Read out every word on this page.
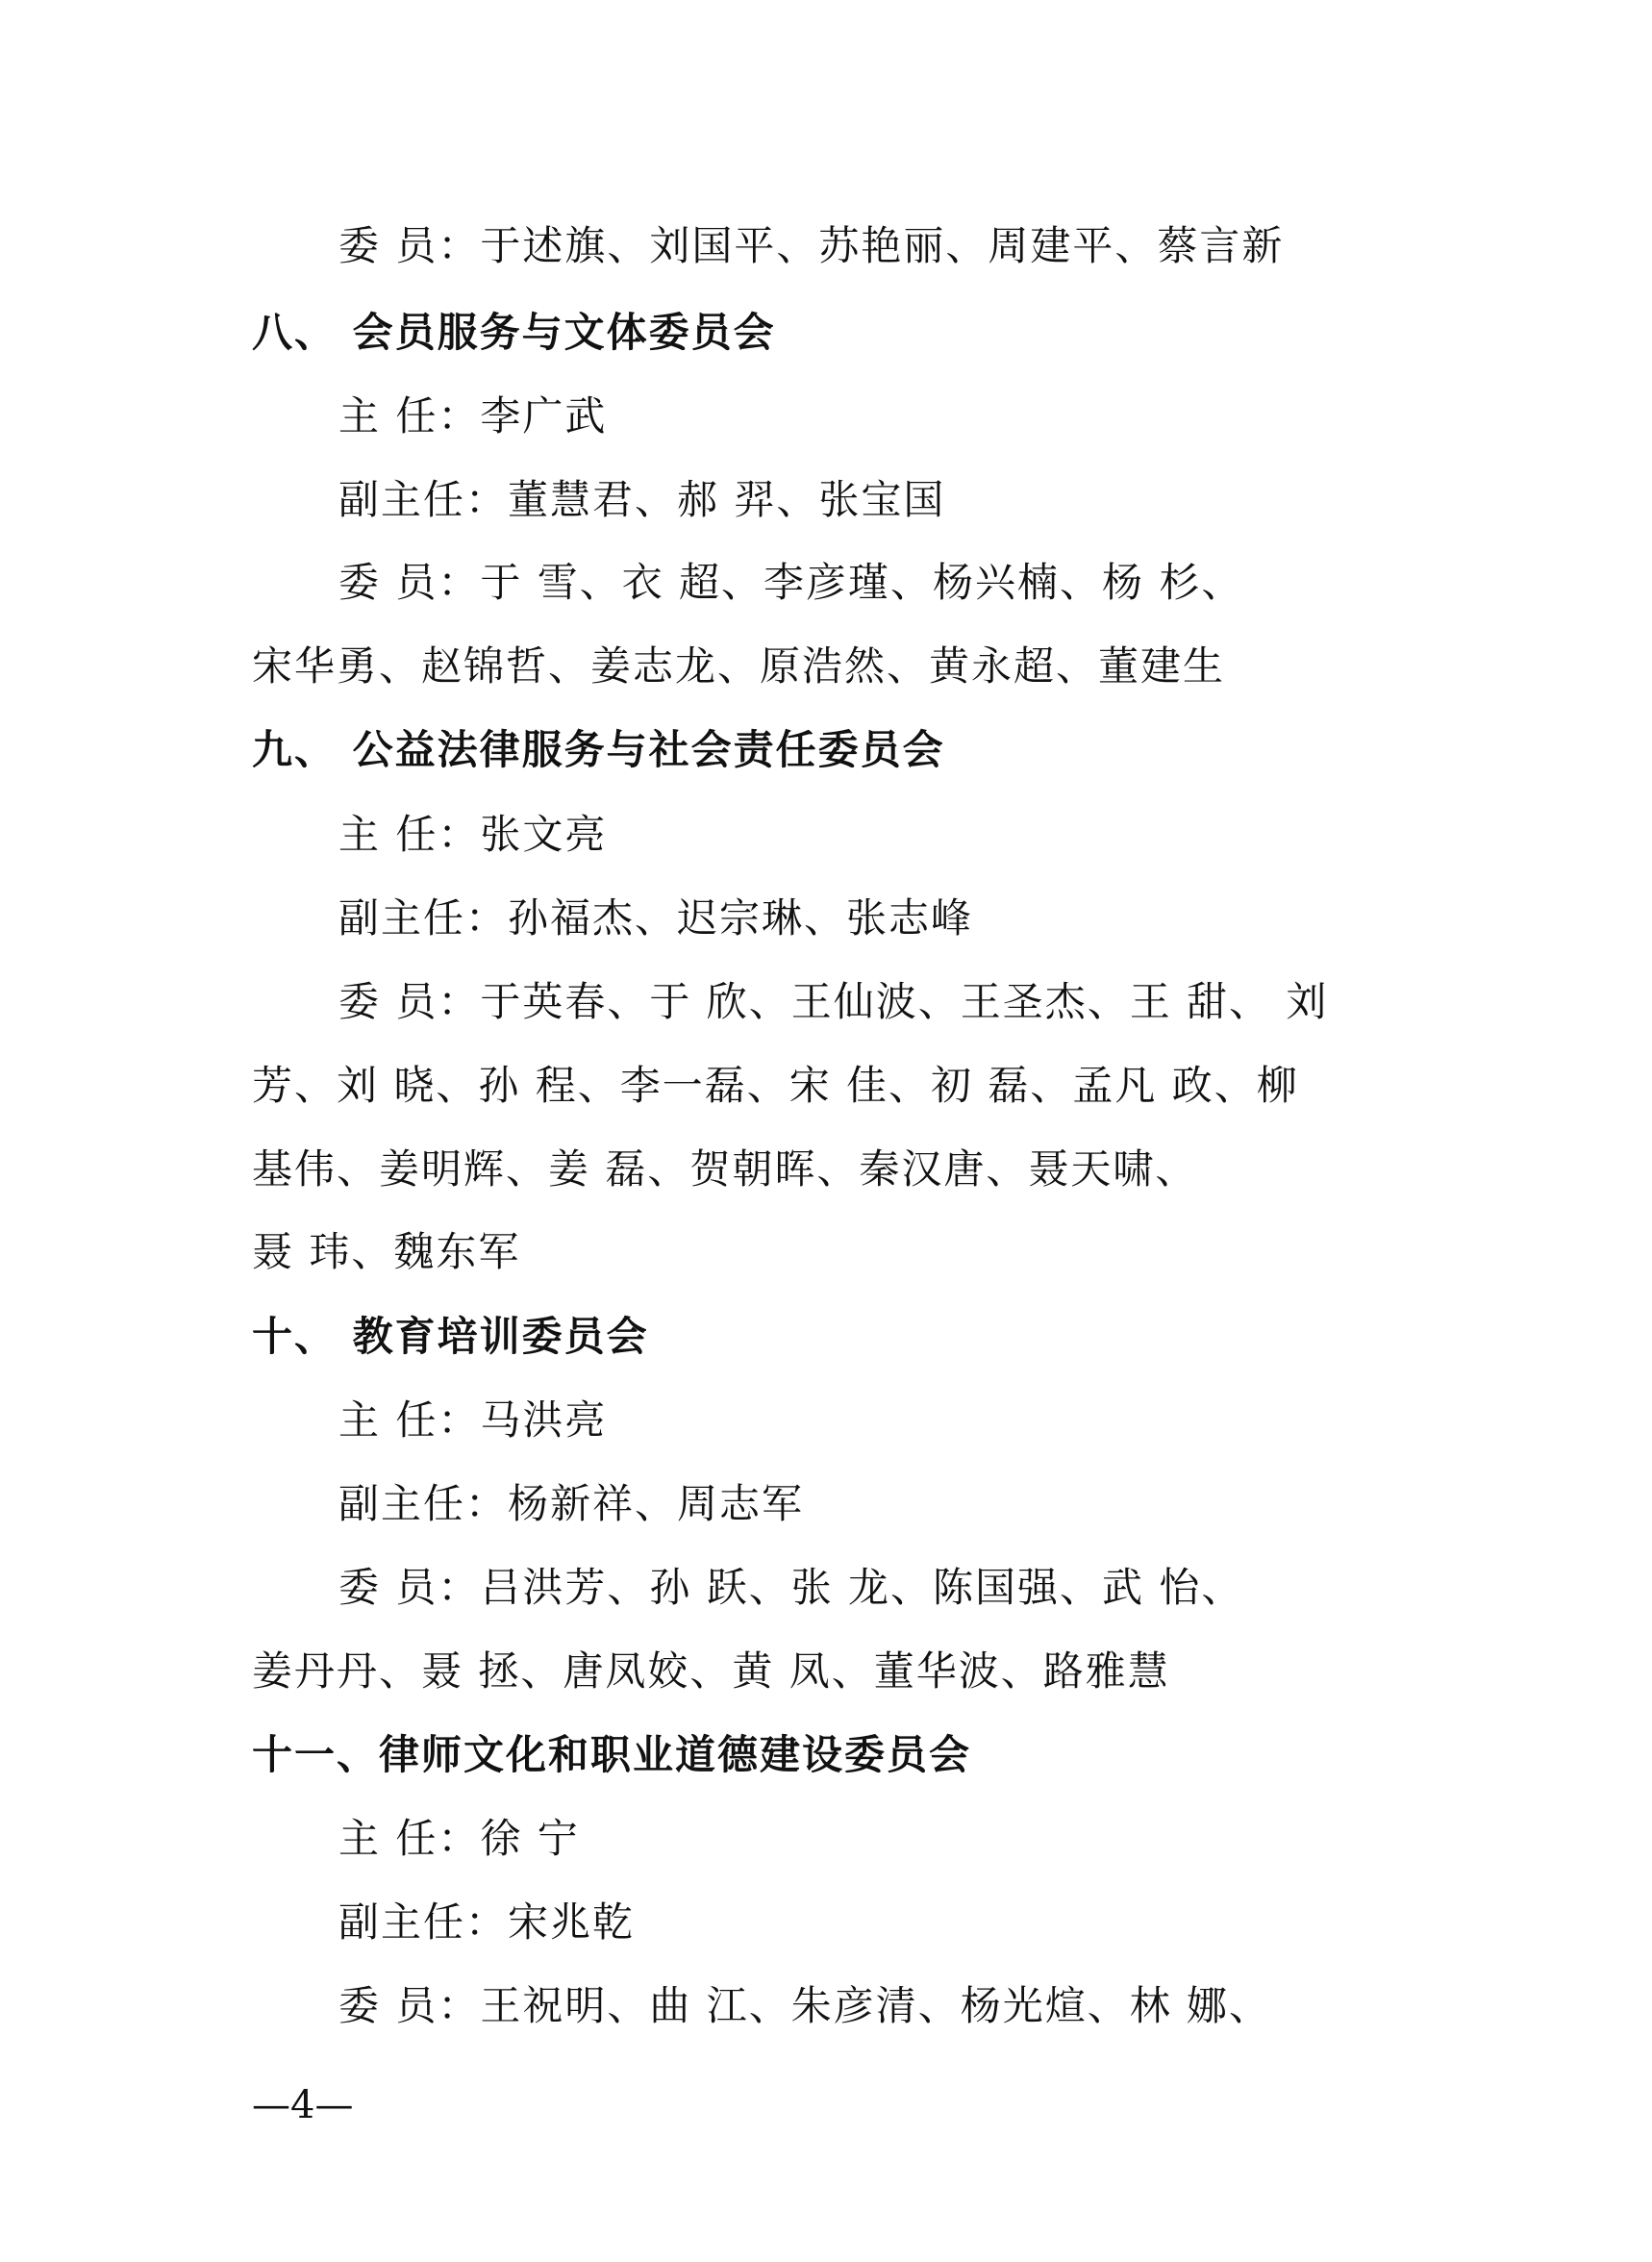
委 员：于述旗、刘国平、苏艳丽、周建平、蔡言新
八、 会员服务与文体委员会
主 任：李广武
副主任：董慧君、郝 羿、张宝国
委 员：于 雪、衣 超、李彦瑾、杨兴楠、杨 杉、
宋华勇、赵锦哲、姜志龙、原浩然、黄永超、董建生
九、 公益法律服务与社会责任委员会
主 任：张文亮
副主任：孙福杰、迟宗琳、张志峰
委 员：于英春、于 欣、王仙波、王圣杰、王 甜、 刘
芳、刘 晓、孙 程、李一磊、宋 佳、初 磊、孟凡 政、柳
基伟、姜明辉、姜 磊、贺朝晖、秦汉唐、聂天啸、
聂 玮、魏东军
十、 教育培训委员会
主 任：马洪亮
副主任：杨新祥、周志军
委 员：吕洪芳、孙 跃、张 龙、陈国强、武 怡、
姜丹丹、聂 拯、唐凤姣、黄 凤、董华波、路雅慧
十一、律师文化和职业道德建设委员会
主 任：徐 宁
副主任：宋兆乾
委 员：王祝明、曲 江、朱彦清、杨光煊、林 娜、
—4—
